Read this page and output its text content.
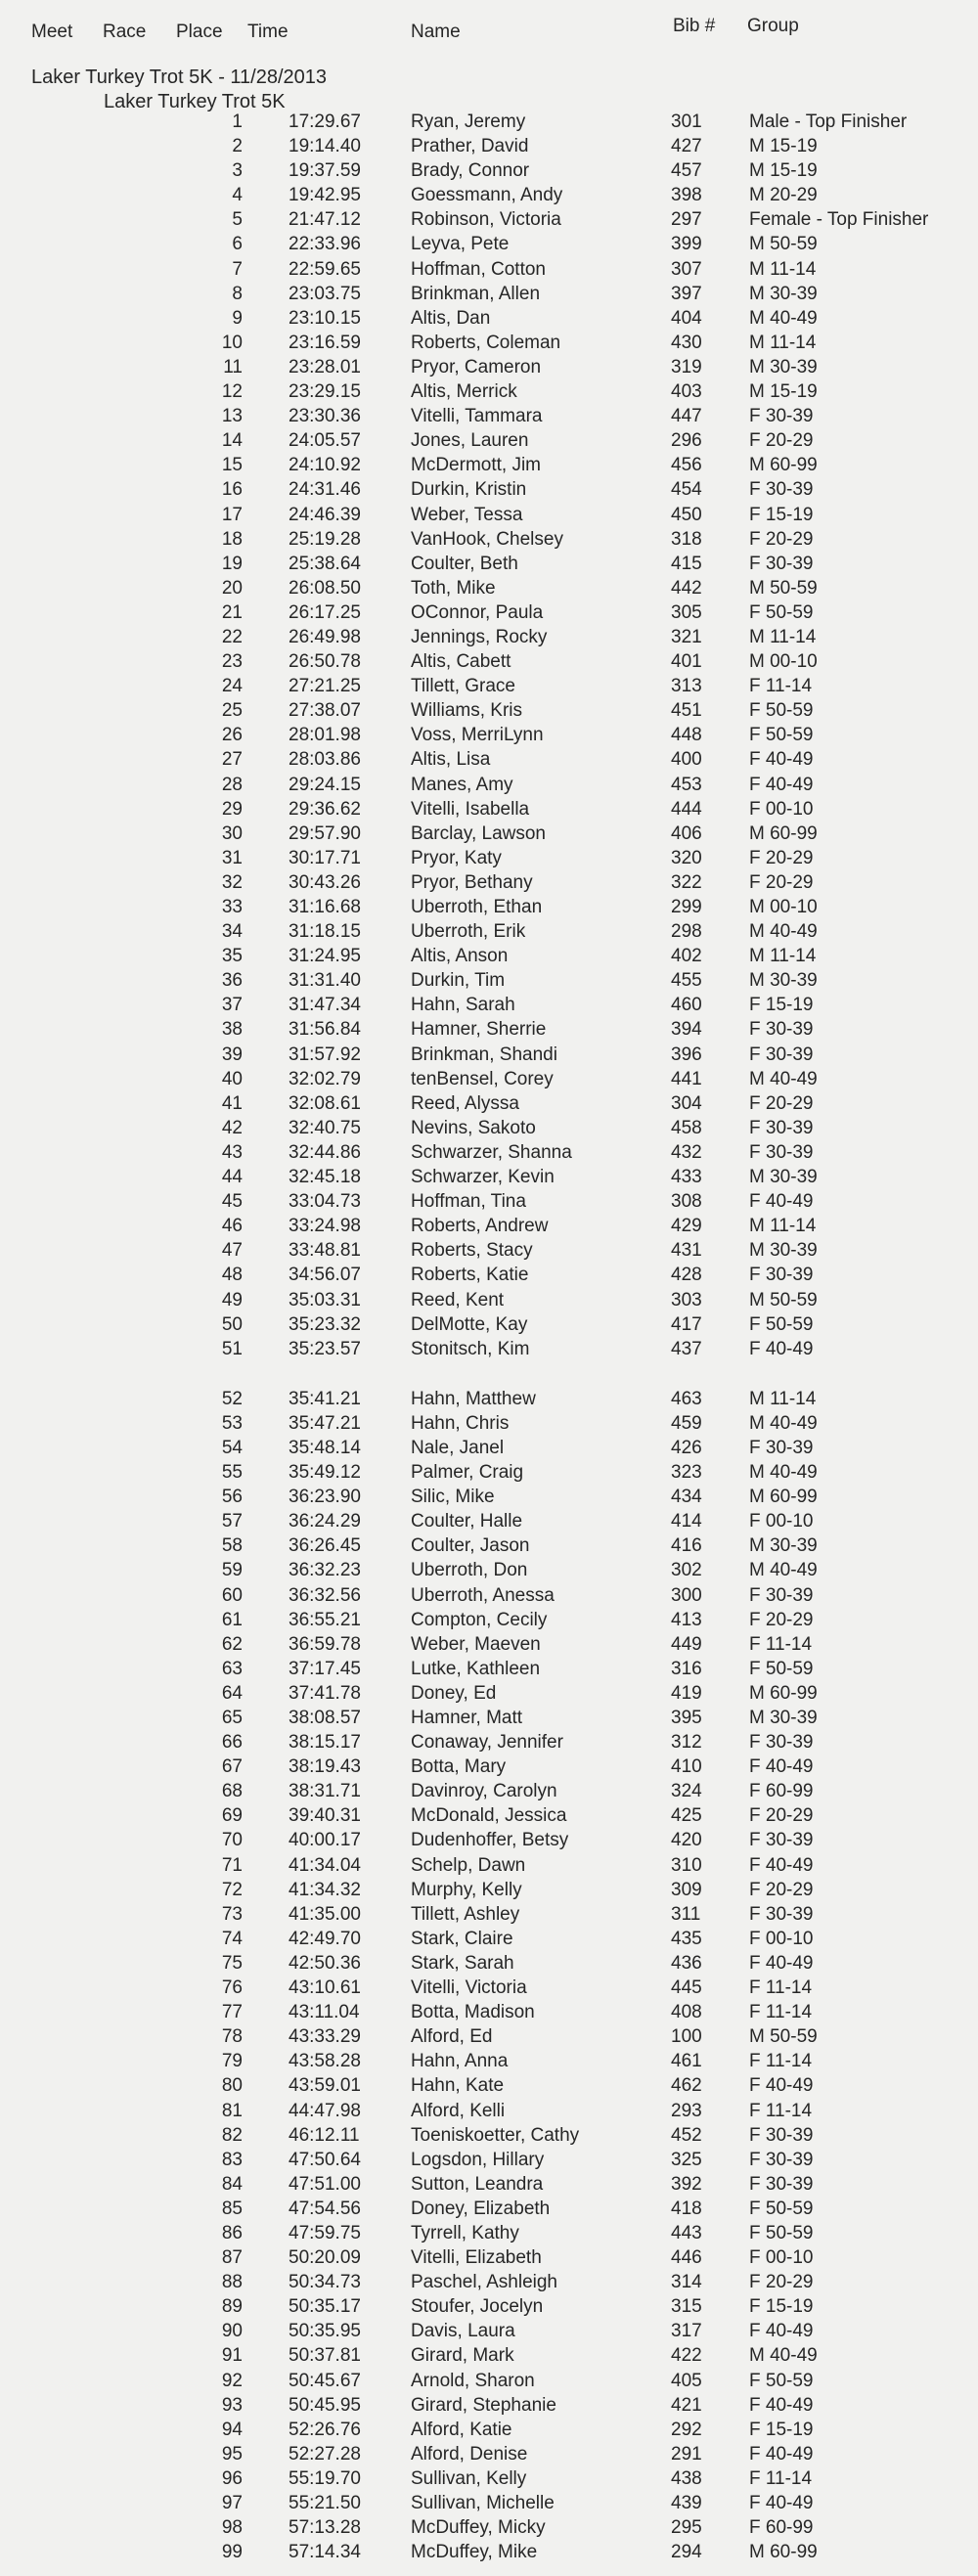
Meet Race Place Time	Name	Bib # Group
Laker Turkey Trot 5K - 11/28/2013
Laker Turkey Trot 5K
1 17:29.67	Ryan, Jeremy	301	Male - Top Finisher
2 19:14.40	Prather, David	427	M 15-19
3 19:37.59	Brady, Connor	457	M 15-19
4 19:42.95	Goessmann, Andy	398	M 20-29
5 21:47.12	Robinson, Victoria	297	Female - Top Finisher
6 22:33.96	Leyva, Pete	399	M 50-59
7 22:59.65	Hoffman, Cotton	307	M 11-14
8 23:03.75	Brinkman, Allen	397	M 30-39
9 23:10.15	Altis, Dan	404	M 40-49
10 23:16.59	Roberts, Coleman	430	M 11-14
11 23:28.01	Pryor, Cameron	319	M 30-39
12 23:29.15	Altis, Merrick	403	M 15-19
13 23:30.36	Vitelli, Tammara	447	F 30-39
14 24:05.57	Jones, Lauren	296	F 20-29
15 24:10.92	McDermott, Jim	456	M 60-99
16 24:31.46	Durkin, Kristin	454	F 30-39
17 24:46.39	Weber, Tessa	450	F 15-19
18 25:19.28	VanHook, Chelsey	318	F 20-29
19 25:38.64	Coulter, Beth	415	F 30-39
20 26:08.50	Toth, Mike	442	M 50-59
21 26:17.25	OConnor, Paula	305	F 50-59
22 26:49.98	Jennings, Rocky	321	M 11-14
23 26:50.78	Altis, Cabett	401	M 00-10
24 27:21.25	Tillett, Grace	313	F 11-14
25 27:38.07	Williams, Kris	451	F 50-59
26 28:01.98	Voss, MerriLynn	448	F 50-59
27 28:03.86	Altis, Lisa	400	F 40-49
28 29:24.15	Manes, Amy	453	F 40-49
29 29:36.62	Vitelli, Isabella	444	F 00-10
30 29:57.90	Barclay, Lawson	406	M 60-99
31 30:17.71	Pryor, Katy	320	F 20-29
32 30:43.26	Pryor, Bethany	322	F 20-29
33 31:16.68	Uberroth, Ethan	299	M 00-10
34 31:18.15	Uberroth, Erik	298	M 40-49
35 31:24.95	Altis, Anson	402	M 11-14
36 31:31.40	Durkin, Tim	455	M 30-39
37 31:47.34	Hahn, Sarah	460	F 15-19
38 31:56.84	Hamner, Sherrie	394	F 30-39
39 31:57.92	Brinkman, Shandi	396	F 30-39
40 32:02.79	tenBensel, Corey	441	M 40-49
41 32:08.61	Reed, Alyssa	304	F 20-29
42 32:40.75	Nevins, Sakoto	458	F 30-39
43 32:44.86	Schwarzer, Shanna	432	F 30-39
44 32:45.18	Schwarzer, Kevin	433	M 30-39
45 33:04.73	Hoffman, Tina	308	F 40-49
46 33:24.98	Roberts, Andrew	429	M 11-14
47 33:48.81	Roberts, Stacy	431	M 30-39
48 34:56.07	Roberts, Katie	428	F 30-39
49 35:03.31	Reed, Kent	303	M 50-59
50 35:23.32	DelMotte, Kay	417	F 50-59
51 35:23.57	Stonitsch, Kim	437	F 40-49
52 35:41.21	Hahn, Matthew	463	M 11-14
53 35:47.21	Hahn, Chris	459	M 40-49
54 35:48.14	Nale, Janel	426	F 30-39
55 35:49.12	Palmer, Craig	323	M 40-49
56 36:23.90	Silic, Mike	434	M 60-99
57 36:24.29	Coulter, Halle	414	F 00-10
58 36:26.45	Coulter, Jason	416	M 30-39
59 36:32.23	Uberroth, Don	302	M 40-49
60 36:32.56	Uberroth, Anessa	300	F 30-39
61 36:55.21	Compton, Cecily	413	F 20-29
62 36:59.78	Weber, Maeven	449	F 11-14
63 37:17.45	Lutke, Kathleen	316	F 50-59
64 37:41.78	Doney, Ed	419	M 60-99
65 38:08.57	Hamner, Matt	395	M 30-39
66 38:15.17	Conaway, Jennifer	312	F 30-39
67 38:19.43	Botta, Mary	410	F 40-49
68 38:31.71	Davinroy, Carolyn	324	F 60-99
69 39:40.31	McDonald, Jessica	425	F 20-29
70 40:00.17	Dudenhoffer, Betsy	420	F 30-39
71 41:34.04	Schelp, Dawn	310	F 40-49
72 41:34.32	Murphy, Kelly	309	F 20-29
73 41:35.00	Tillett, Ashley	311	F 30-39
74 42:49.70	Stark, Claire	435	F 00-10
75 42:50.36	Stark, Sarah	436	F 40-49
76 43:10.61	Vitelli, Victoria	445	F 11-14
77 43:11.04	Botta, Madison	408	F 11-14
78 43:33.29	Alford, Ed	100	M 50-59
79 43:58.28	Hahn, Anna	461	F 11-14
80 43:59.01	Hahn, Kate	462	F 40-49
81 44:47.98	Alford, Kelli	293	F 11-14
82 46:12.11	Toeniskoetter, Cathy	452	F 30-39
83 47:50.64	Logsdon, Hillary	325	F 30-39
84 47:51.00	Sutton, Leandra	392	F 30-39
85 47:54.56	Doney, Elizabeth	418	F 50-59
86 47:59.75	Tyrrell, Kathy	443	F 50-59
87 50:20.09	Vitelli, Elizabeth	446	F 00-10
88 50:34.73	Paschel, Ashleigh	314	F 20-29
89 50:35.17	Stoufer, Jocelyn	315	F 15-19
90 50:35.95	Davis, Laura	317	F 40-49
91 50:37.81	Girard, Mark	422	M 40-49
92 50:45.67	Arnold, Sharon	405	F 50-59
93 50:45.95	Girard, Stephanie	421	F 40-49
94 52:26.76	Alford, Katie	292	F 15-19
95 52:27.28	Alford, Denise	291	F 40-49
96 55:19.70	Sullivan, Kelly	438	F 11-14
97 55:21.50	Sullivan, Michelle	439	F 40-49
98 57:13.28	McDuffey, Micky	295	F 60-99
99 57:14.34	McDuffey, Mike	294	M 60-99
